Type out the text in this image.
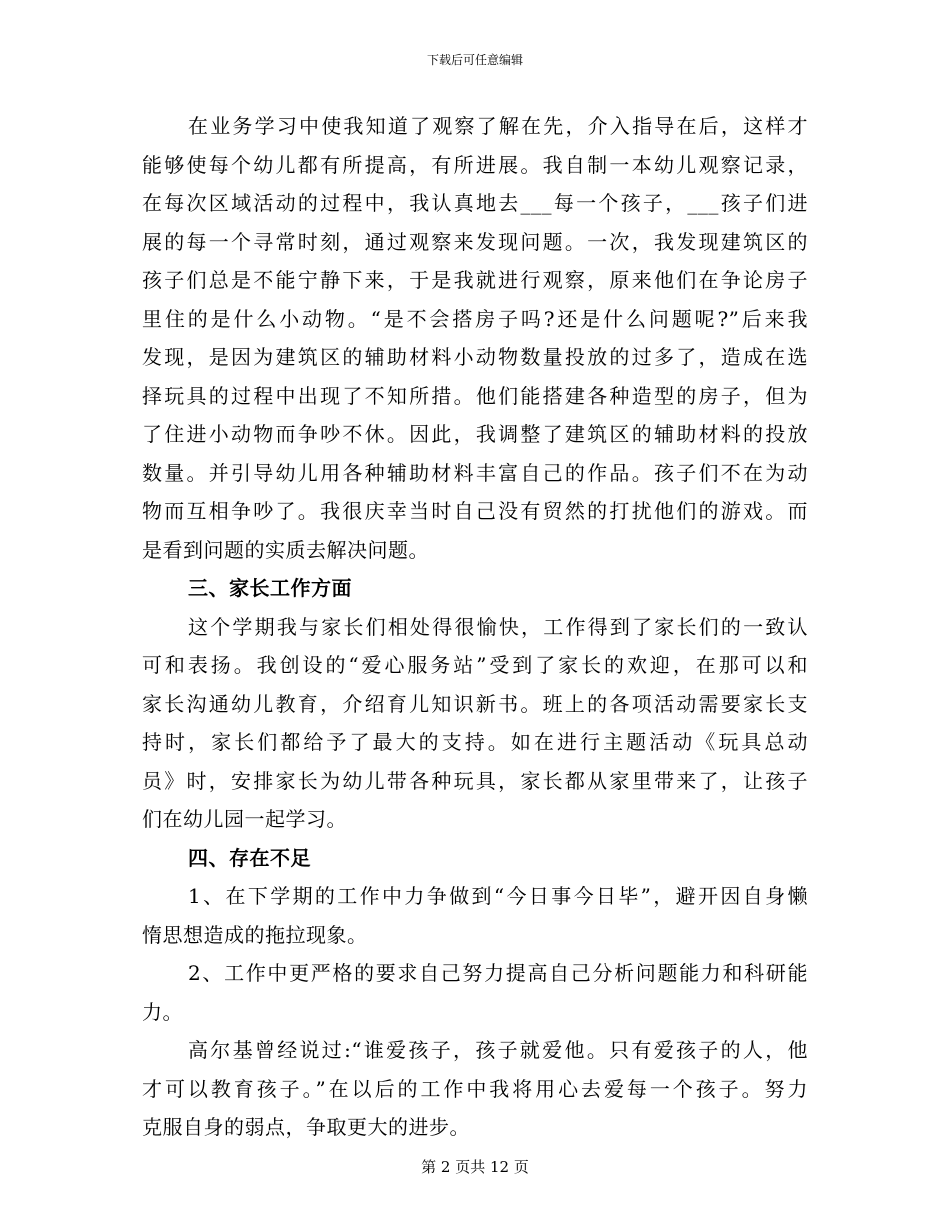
下载后可任意编辑
在业务学习中使我知道了观察了解在先，介入指导在后，这样才
能够使每个幼儿都有所提高，有所进展。我自制一本幼儿观察记录，
在每次区域活动的过程中，我认真地去___每一个孩子，___孩子们进
展的每一个寻常时刻，通过观察来发现问题。一次，我发现建筑区的
孩子们总是不能宁静下来，于是我就进行观察，原来他们在争论房子
里住的是什么小动物。“是不会搭房子吗?还是什么问题呢?”后来我
发现，是因为建筑区的辅助材料小动物数量投放的过多了，造成在选
择玩具的过程中出现了不知所措。他们能搭建各种造型的房子，但为
了住进小动物而争吵不休。因此，我调整了建筑区的辅助材料的投放
数量。并引导幼儿用各种辅助材料丰富自己的作品。孩子们不在为动
物而互相争吵了。我很庆幸当时自己没有贸然的打扰他们的游戏。而
是看到问题的实质去解决问题。
三、家长工作方面
这个学期我与家长们相处得很愉快，工作得到了家长们的一致认
可和表扬。我创设的“爱心服务站”受到了家长的欢迎，在那可以和
家长沟通幼儿教育，介绍育儿知识新书。班上的各项活动需要家长支
持时，家长们都给予了最大的支持。如在进行主题活动《玩具总动
员》时，安排家长为幼儿带各种玩具，家长都从家里带来了，让孩子
们在幼儿园一起学习。
四、存在不足
1、在下学期的工作中力争做到“今日事今日毕”，避开因自身懒
惰思想造成的拖拉现象。
2、工作中更严格的要求自己努力提高自己分析问题能力和科研能
力。
高尔基曾经说过:“谁爱孩子，孩子就爱他。只有爱孩子的人，他
才可以教育孩子。”在以后的工作中我将用心去爱每一个孩子。努力
克服自身的弱点，争取更大的进步。
第 2 页共 12 页
